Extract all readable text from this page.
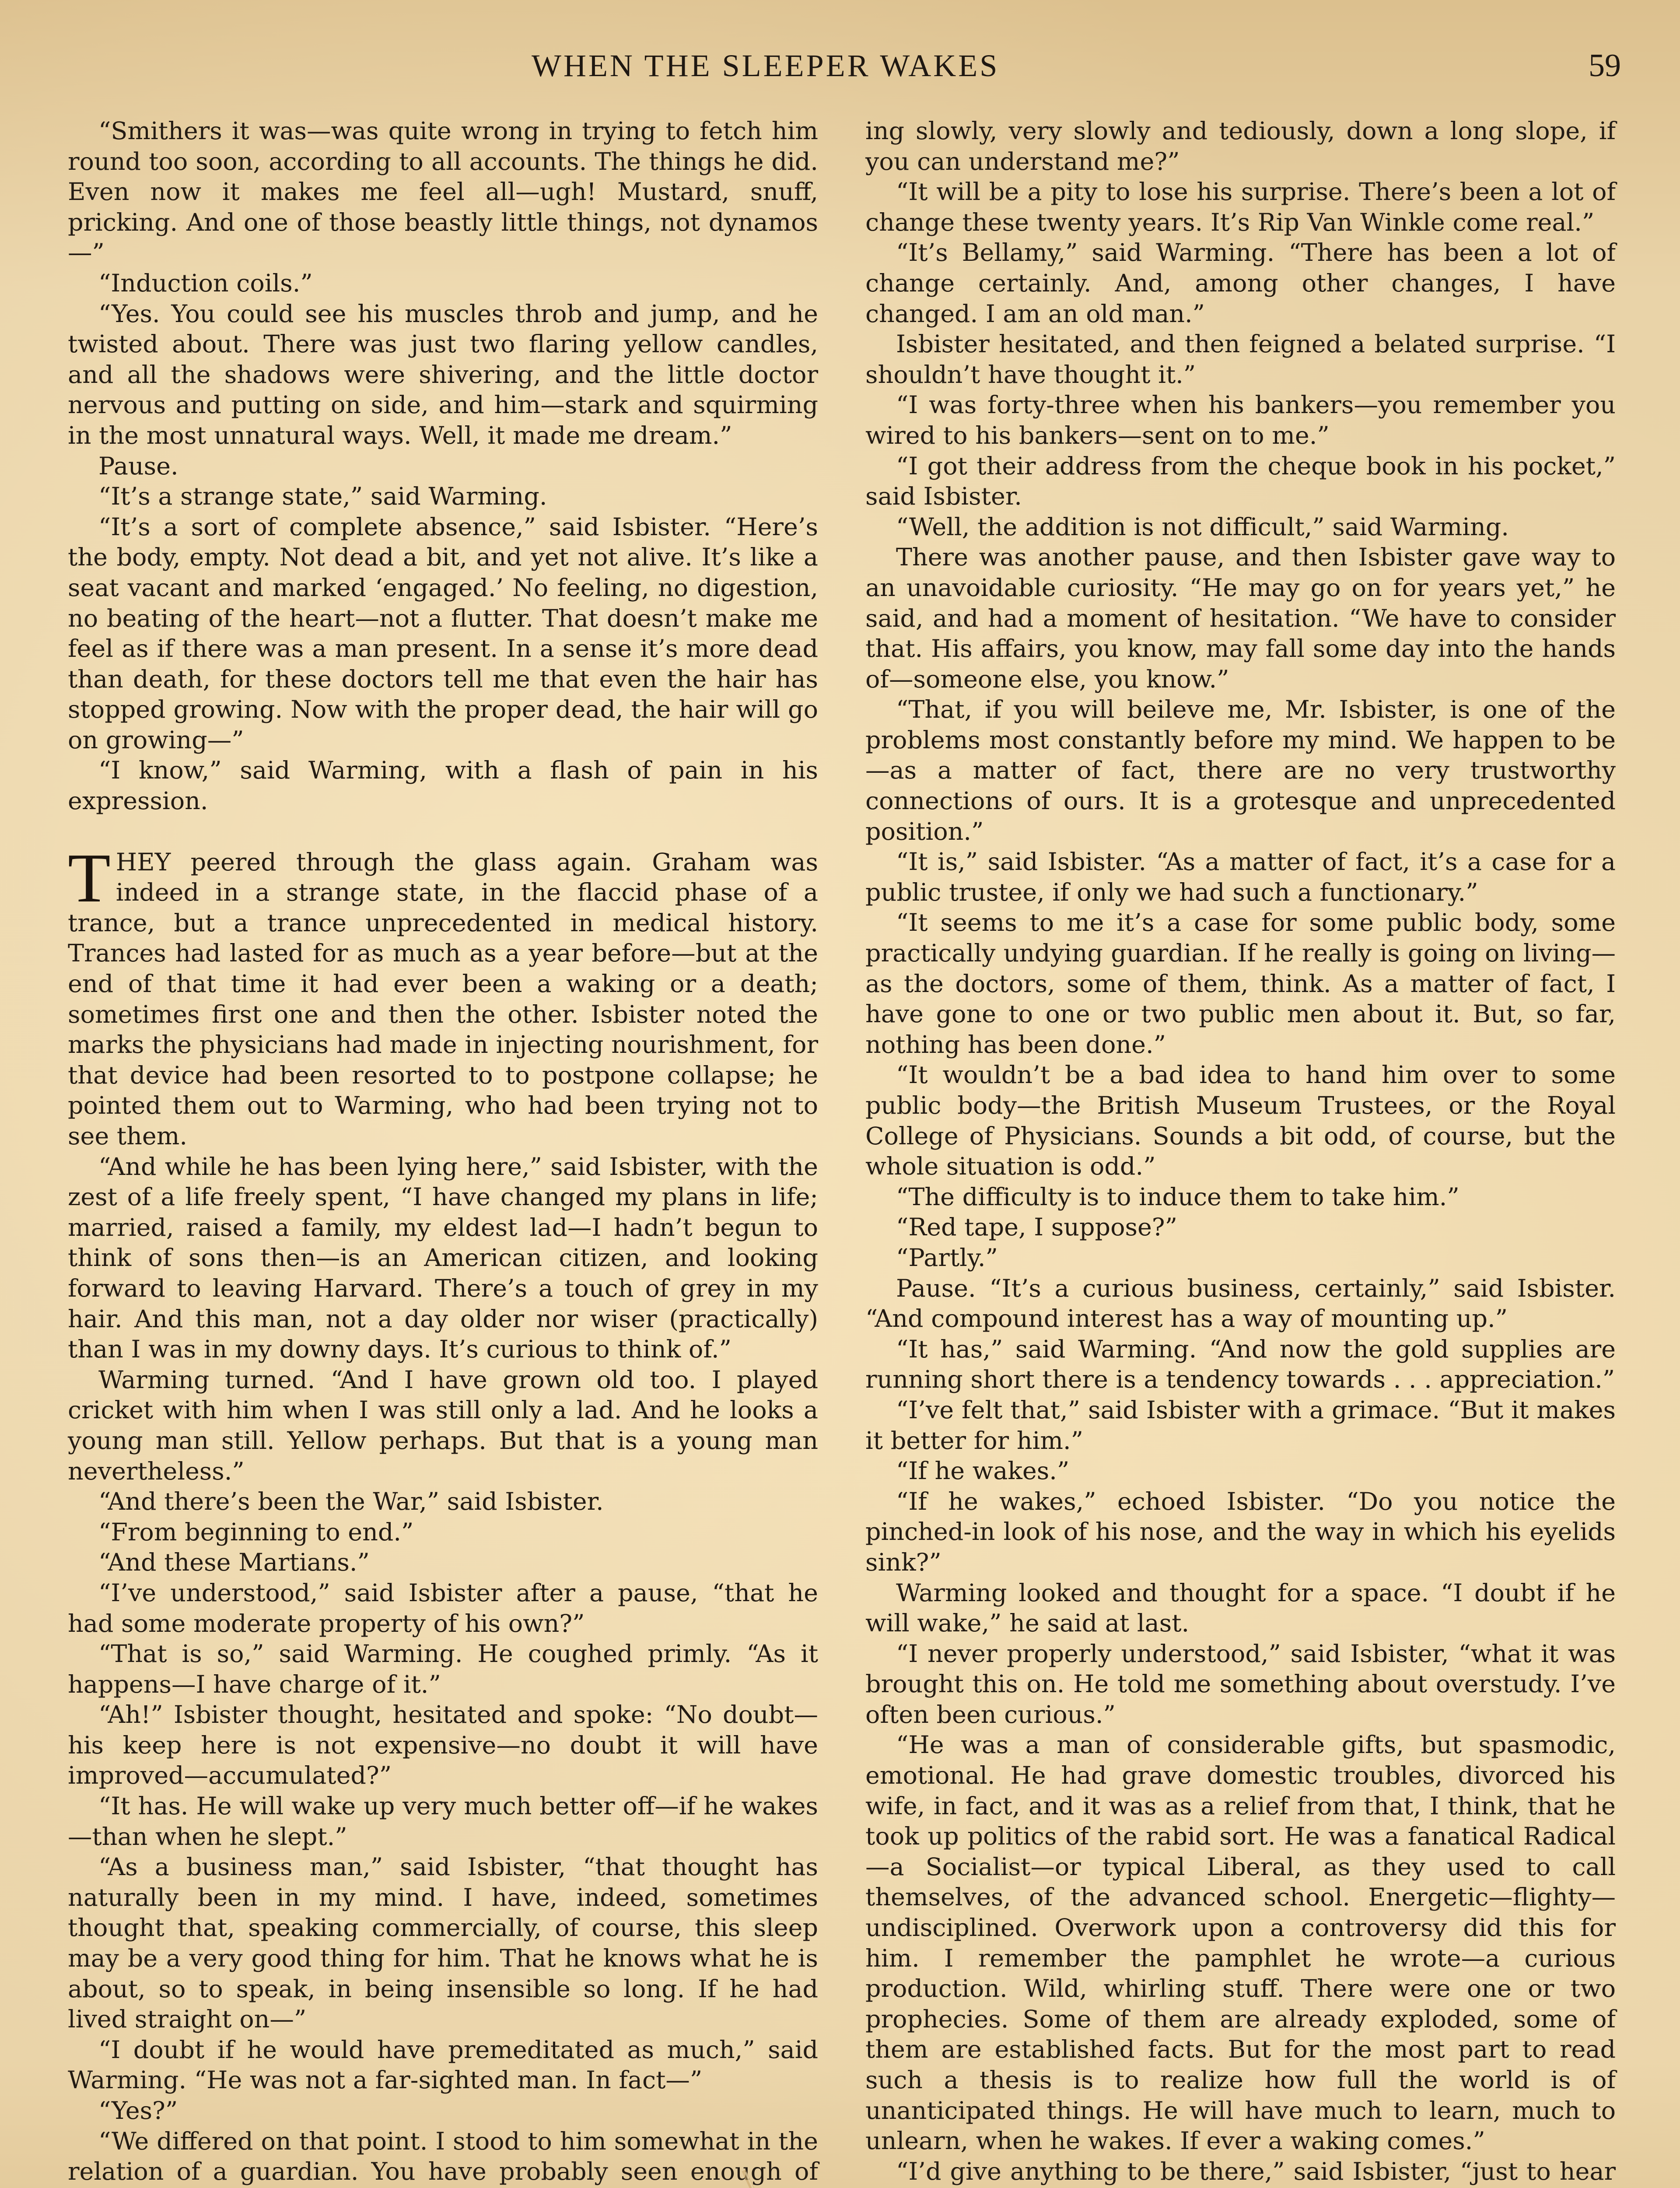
WHEN THE SLEEPER WAKES	59

“Smithers it was—was quite wrong in trying to fetch him round too soon, according to all accounts. The things he did. Even now it makes me feel all—ugh! Mustard, snuff, pricking. And one of those beastly little things, not dynamos—”

“Induction coils.”

“Yes. You could see his muscles throb and jump, and he twisted about. There was just two flaring yellow candles, and all the shadows were shivering, and the little doctor nervous and putting on side, and him—stark and squirming in the most unnatural ways. Well, it made me dream.”

Pause.

“It’s a strange state,” said Warming.

“It’s a sort of complete absence,” said Isbister. “Here’s the body, empty. Not dead a bit, and yet not alive. It’s like a seat vacant and marked ‘engaged.’ No feeling, no digestion, no beating of the heart—not a flutter. That doesn’t make me feel as if there was a man present. In a sense it’s more dead than death, for these doctors tell me that even the hair has stopped growing. Now with the proper dead, the hair will go on growing—”

“I know,” said Warming, with a flash of pain in his expression.

THEY peered through the glass again. Graham was indeed in a strange state, in the flaccid phase of a trance, but a trance unprecedented in medical history. Trances had lasted for as much as a year before—but at the end of that time it had ever been a waking or a death; sometimes first one and then the other. Isbister noted the marks the physicians had made in injecting nourishment, for that device had been resorted to to postpone collapse; he pointed them out to Warming, who had been trying not to see them.

“And while he has been lying here,” said Isbister, with the zest of a life freely spent, “I have changed my plans in life; married, raised a family, my eldest lad—I hadn’t begun to think of sons then—is an American citizen, and looking forward to leaving Harvard. There’s a touch of grey in my hair. And this man, not a day older nor wiser (practically) than I was in my downy days. It’s curious to think of.”

Warming turned. “And I have grown old too. I played cricket with him when I was still only a lad. And he looks a young man still. Yellow perhaps. But that is a young man nevertheless.”

“And there’s been the War,” said Isbister.

“From beginning to end.”

“And these Martians.”

“I’ve understood,” said Isbister after a pause, “that he had some moderate property of his own?”

“That is so,” said Warming. He coughed primly. “As it happens—I have charge of it.”

“Ah!” Isbister thought, hesitated and spoke: “No doubt—his keep here is not expensive—no doubt it will have improved—accumulated?”

“It has. He will wake up very much better off—if he wakes—than when he slept.”

“As a business man,” said Isbister, “that thought has naturally been in my mind. I have, indeed, sometimes thought that, speaking commercially, of course, this sleep may be a very good thing for him. That he knows what he is about, so to speak, in being insensible so long. If he had lived straight on—”

“I doubt if he would have premeditated as much,” said Warming. “He was not a far-sighted man. In fact—”

“Yes?”

“We differed on that point. I stood to him somewhat in the relation of a guardian. You have probably seen enough of

ing slowly, very slowly and tediously, down a long slope, if you can understand me?”

“It will be a pity to lose his surprise. There’s been a lot of change these twenty years. It’s Rip Van Winkle come real.”

“It’s Bellamy,” said Warming. “There has been a lot of change certainly. And, among other changes, I have changed. I am an old man.”

Isbister hesitated, and then feigned a belated surprise. “I shouldn’t have thought it.”

“I was forty-three when his bankers—you remember you wired to his bankers—sent on to me.”

“I got their address from the cheque book in his pocket,” said Isbister.

“Well, the addition is not difficult,” said Warming.

There was another pause, and then Isbister gave way to an unavoidable curiosity. “He may go on for years yet,” he said, and had a moment of hesitation. “We have to consider that. His affairs, you know, may fall some day into the hands of—someone else, you know.”

“That, if you will beileve me, Mr. Isbister, is one of the problems most constantly before my mind. We happen to be—as a matter of fact, there are no very trustworthy connections of ours. It is a grotesque and unprecedented position.”

“It is,” said Isbister. “As a matter of fact, it’s a case for a public trustee, if only we had such a functionary.”

“It seems to me it’s a case for some public body, some practically undying guardian. If he really is going on living—as the doctors, some of them, think. As a matter of fact, I have gone to one or two public men about it. But, so far, nothing has been done.”

“It wouldn’t be a bad idea to hand him over to some public body—the British Museum Trustees, or the Royal College of Physicians. Sounds a bit odd, of course, but the whole situation is odd.”

“The difficulty is to induce them to take him.”

“Red tape, I suppose?”

“Partly.”

Pause. “It’s a curious business, certainly,” said Isbister. “And compound interest has a way of mounting up.”

“It has,” said Warming. “And now the gold supplies are running short there is a tendency towards . . . appreciation.”

“I’ve felt that,” said Isbister with a grimace. “But it makes it better for him.”

“If he wakes.”

“If he wakes,” echoed Isbister. “Do you notice the pinched-in look of his nose, and the way in which his eyelids sink?”

Warming looked and thought for a space. “I doubt if he will wake,” he said at last.

“I never properly understood,” said Isbister, “what it was brought this on. He told me something about overstudy. I’ve often been curious.”

“He was a man of considerable gifts, but spasmodic, emotional. He had grave domestic troubles, divorced his wife, in fact, and it was as a relief from that, I think, that he took up politics of the rabid sort. He was a fanatical Radical—a Socialist—or typical Liberal, as they used to call themselves, of the advanced school. Energetic—flighty—undisciplined. Overwork upon a controversy did this for him. I remember the pamphlet he wrote—a curious production. Wild, whirling stuff. There were one or two prophecies. Some of them are already exploded, some of them are established facts. But for the most part to read such a thesis is to realize how full the world is of unanticipated things. He will have much to learn, much to unlearn, when he wakes. If ever a waking comes.”

“I’d give anything to be there,” said Isbister, “just to hear
